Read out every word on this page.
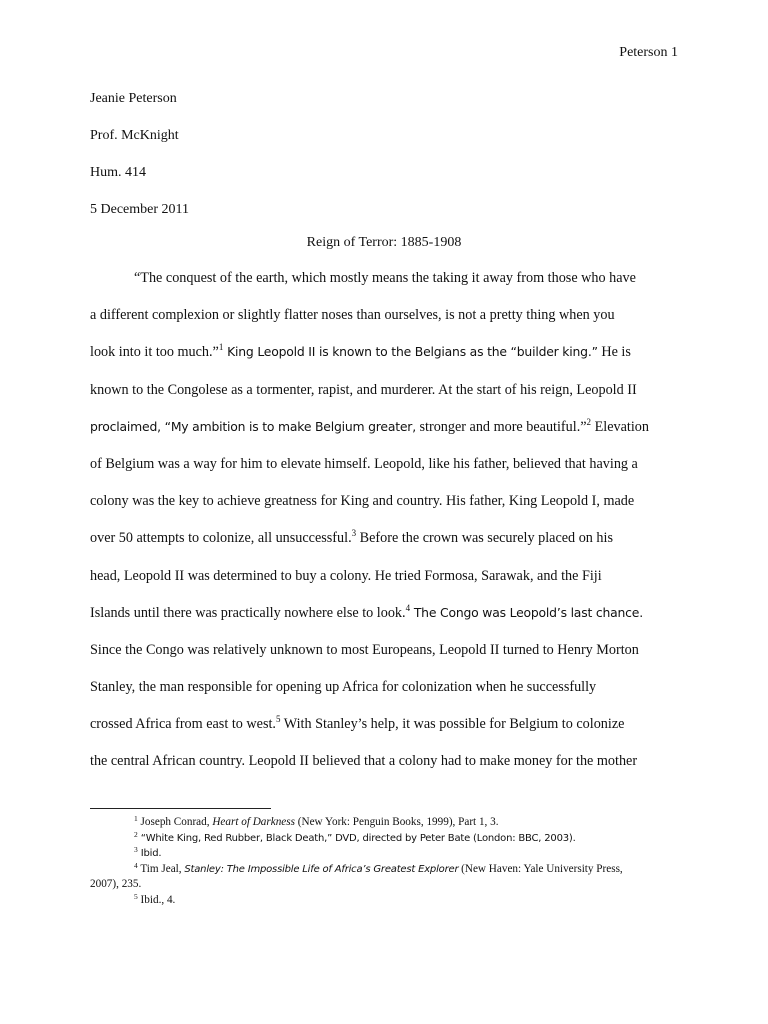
Peterson 1
Jeanie Peterson
Prof. McKnight
Hum. 414
5 December 2011
Reign of Terror: 1885-1908
“The conquest of the earth, which mostly means the taking it away from those who have
a different complexion or slightly flatter noses than ourselves, is not a pretty thing when you
look into it too much.”$^1$ King Leopold II is known to the Belgians as the “builder king.” He is
known to the Congolese as a tormenter, rapist, and murderer. At the start of his reign, Leopold II
proclaimed, “My ambition is to make Belgium greater, stronger and more beautiful.”$^2$ Elevation
of Belgium was a way for him to elevate himself. Leopold, like his father, believed that having a
colony was the key to achieve greatness for King and country. His father, King Leopold I, made
over 50 attempts to colonize, all unsuccessful.$^3$ Before the crown was securely placed on his
head, Leopold II was determined to buy a colony. He tried Formosa, Sarawak, and the Fiji
Islands until there was practically nowhere else to look.$^4$ The Congo was Leopold’s last chance.
Since the Congo was relatively unknown to most Europeans, Leopold II turned to Henry Morton
Stanley, the man responsible for opening up Africa for colonization when he successfully
crossed Africa from east to west.$^5$ With Stanley’s help, it was possible for Belgium to colonize
the central African country. Leopold II believed that a colony had to make money for the mother
$^1$ Joseph Conrad, Heart of Darkness (New York: Penguin Books, 1999), Part 1, 3.
$^2$ “White King, Red Rubber, Black Death,” DVD, directed by Peter Bate (London: BBC, 2003).
$^3$ Ibid.
$^4$ Tim Jeal, Stanley: The Impossible Life of Africa’s Greatest Explorer (New Haven: Yale University Press,
2007), 235.
$^5$ Ibid., 4.
